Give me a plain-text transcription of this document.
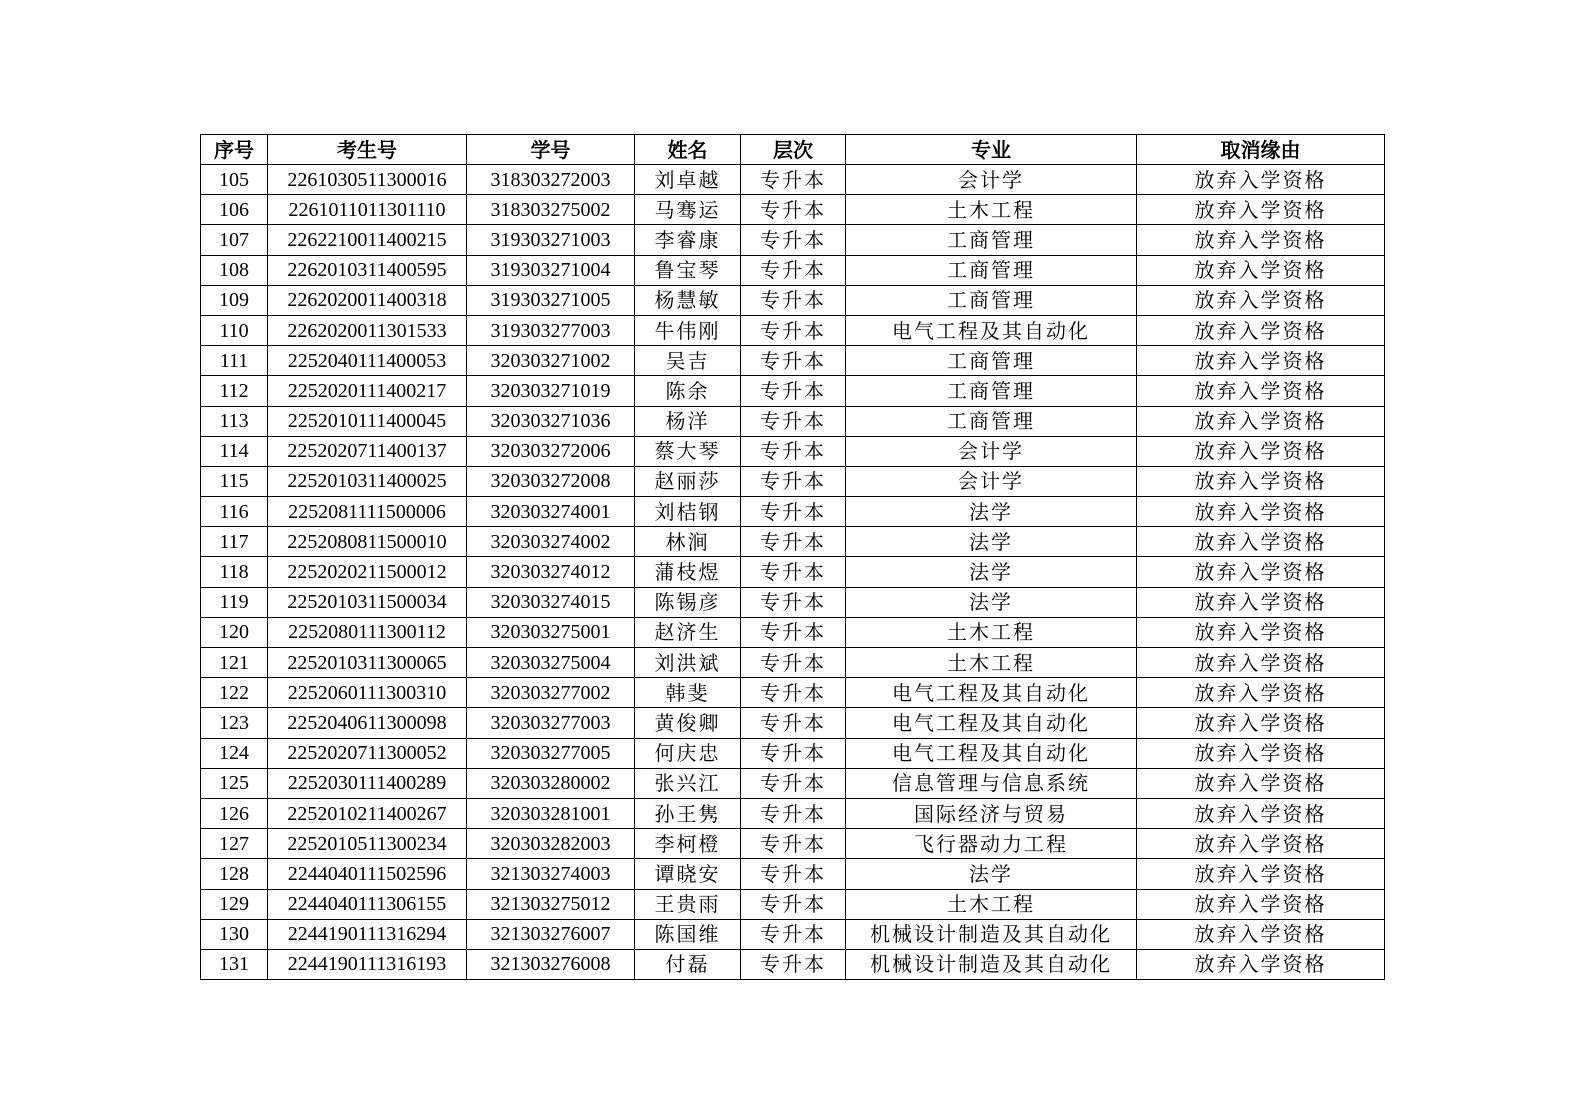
序号	考生号	学号	姓名	层次	专业	取消缘由
105	2261030511300016	318303272003	刘卓越	专升本	会计学	放弃入学资格
106	2261011011301110	318303275002	马骞运	专升本	土木工程	放弃入学资格
107	2262210011400215	319303271003	李睿康	专升本	工商管理	放弃入学资格
108	2262010311400595	319303271004	鲁宝琴	专升本	工商管理	放弃入学资格
109	2262020011400318	319303271005	杨慧敏	专升本	工商管理	放弃入学资格
110	2262020011301533	319303277003	牛伟刚	专升本	电气工程及其自动化	放弃入学资格
111	2252040111400053	320303271002	吴吉	专升本	工商管理	放弃入学资格
112	2252020111400217	320303271019	陈余	专升本	工商管理	放弃入学资格
113	2252010111400045	320303271036	杨洋	专升本	工商管理	放弃入学资格
114	2252020711400137	320303272006	蔡大琴	专升本	会计学	放弃入学资格
115	2252010311400025	320303272008	赵丽莎	专升本	会计学	放弃入学资格
116	2252081111500006	320303274001	刘桔钢	专升本	法学	放弃入学资格
117	2252080811500010	320303274002	林涧	专升本	法学	放弃入学资格
118	2252020211500012	320303274012	蒲枝煜	专升本	法学	放弃入学资格
119	2252010311500034	320303274015	陈锡彦	专升本	法学	放弃入学资格
120	2252080111300112	320303275001	赵济生	专升本	土木工程	放弃入学资格
121	2252010311300065	320303275004	刘洪斌	专升本	土木工程	放弃入学资格
122	2252060111300310	320303277002	韩斐	专升本	电气工程及其自动化	放弃入学资格
123	2252040611300098	320303277003	黄俊卿	专升本	电气工程及其自动化	放弃入学资格
124	2252020711300052	320303277005	何庆忠	专升本	电气工程及其自动化	放弃入学资格
125	2252030111400289	320303280002	张兴江	专升本	信息管理与信息系统	放弃入学资格
126	2252010211400267	320303281001	孙王隽	专升本	国际经济与贸易	放弃入学资格
127	2252010511300234	320303282003	李柯橙	专升本	飞行器动力工程	放弃入学资格
128	2244040111502596	321303274003	谭晓安	专升本	法学	放弃入学资格
129	2244040111306155	321303275012	王贵雨	专升本	土木工程	放弃入学资格
130	2244190111316294	321303276007	陈国维	专升本	机械设计制造及其自动化	放弃入学资格
131	2244190111316193	321303276008	付磊	专升本	机械设计制造及其自动化	放弃入学资格
